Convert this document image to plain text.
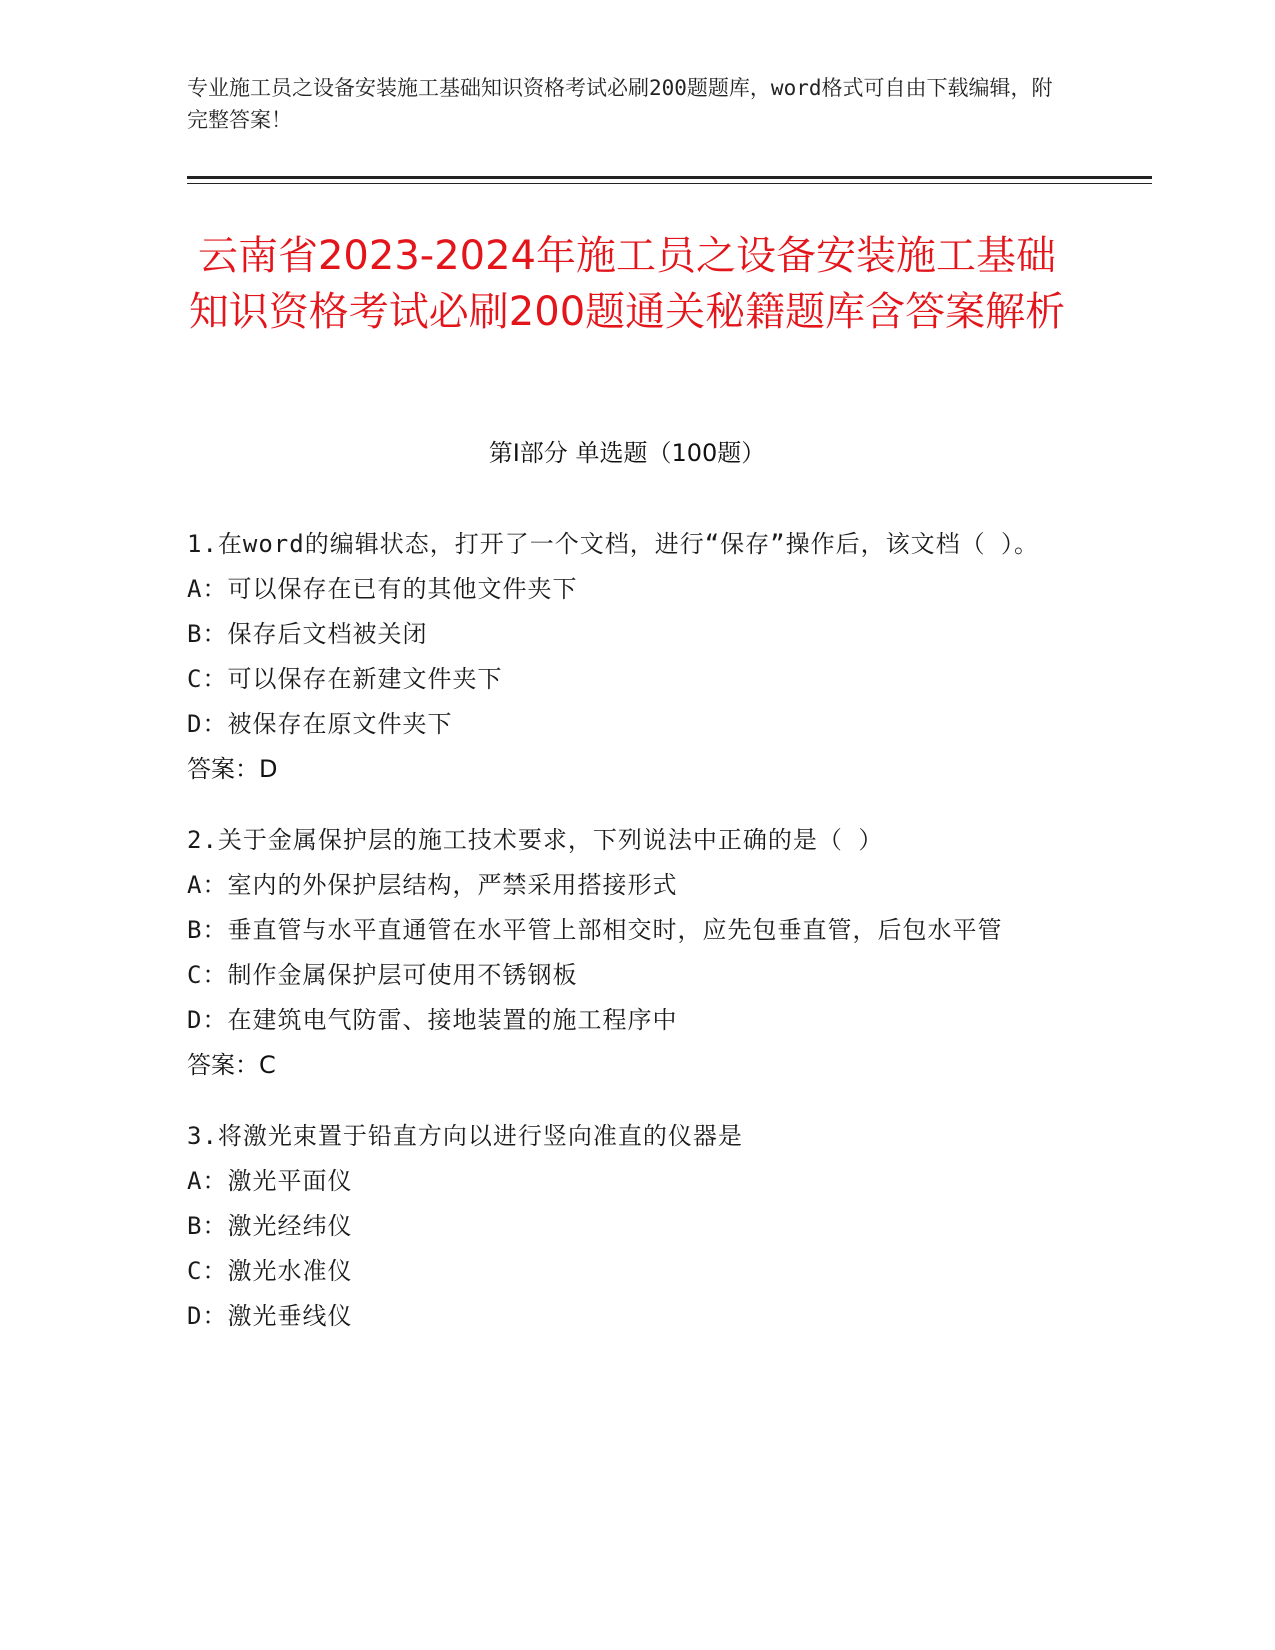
专业施工员之设备安装施工基础知识资格考试必刷200题题库，word格式可自由下载编辑，附完整答案！
云南省2023-2024年施工员之设备安装施工基础知识资格考试必刷200题通关秘籍题库含答案解析
第I部分 单选题（100题）
1.在word的编辑状态，打开了一个文档，进行“保存”操作后，该文档（ ）。
A：可以保存在已有的其他文件夹下
B：保存后文档被关闭
C：可以保存在新建文件夹下
D：被保存在原文件夹下
答案：D
2.关于金属保护层的施工技术要求，下列说法中正确的是（ ）
A：室内的外保护层结构，严禁采用搭接形式
B：垂直管与水平直通管在水平管上部相交时，应先包垂直管，后包水平管
C：制作金属保护层可使用不锈钢板
D：在建筑电气防雷、接地装置的施工程序中
答案：C
3.将激光束置于铅直方向以进行竖向准直的仪器是
A：激光平面仪
B：激光经纬仪
C：激光水准仪
D：激光垂线仪
